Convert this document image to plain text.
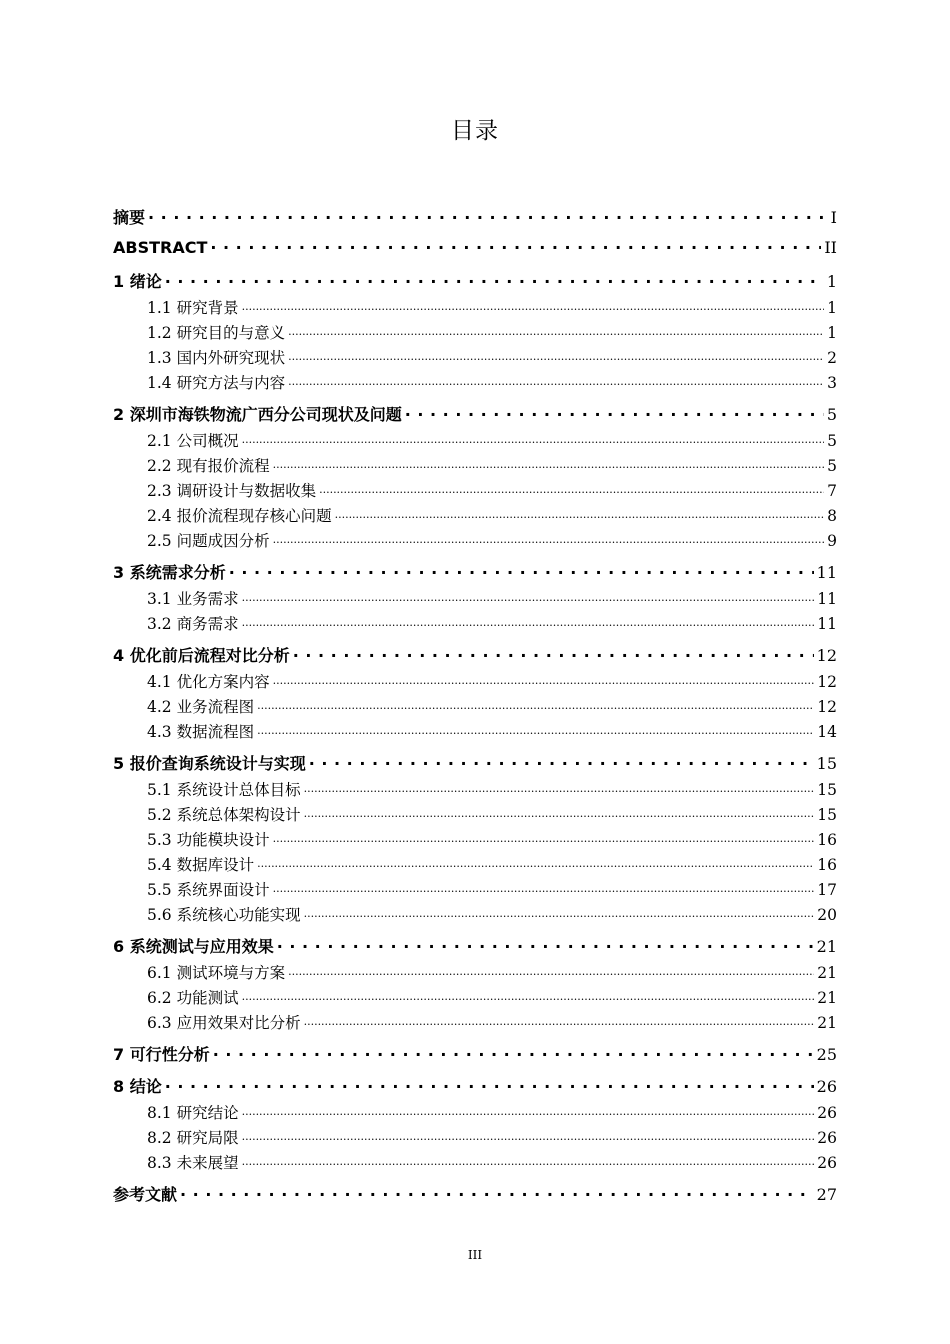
目录
摘要 . . .	I
ABSTRACT . . .	II
1 绪论 . . .	1
1.1 研究背景 .....	1
1.2 研究目的与意义 .....	1
1.3 国内外研究现状 .....	2
1.4 研究方法与内容 .....	3
2 深圳市海铁物流广西分公司现状及问题 . . .	5
2.1 公司概况 .....	5
2.2 现有报价流程 .....	5
2.3 调研设计与数据收集 .....	7
2.4 报价流程现存核心问题 .....	8
2.5 问题成因分析 .....	9
3 系统需求分析 . . .	11
3.1 业务需求 .....	11
3.2 商务需求 .....	11
4 优化前后流程对比分析 . . .	12
4.1 优化方案内容 .....	12
4.2 业务流程图 .....	12
4.3 数据流程图 .....	14
5 报价查询系统设计与实现 . . .	15
5.1 系统设计总体目标 .....	15
5.2 系统总体架构设计 .....	15
5.3 功能模块设计 .....	16
5.4 数据库设计 .....	16
5.5 系统界面设计 .....	17
5.6 系统核心功能实现 .....	20
6 系统测试与应用效果 . . .	21
6.1 测试环境与方案 .....	21
6.2 功能测试 .....	21
6.3 应用效果对比分析 .....	21
7 可行性分析 . . .	25
8 结论 . . .	26
8.1 研究结论 .....	26
8.2 研究局限 .....	26
8.3 未来展望 .....	26
参考文献 . . .	27
III
